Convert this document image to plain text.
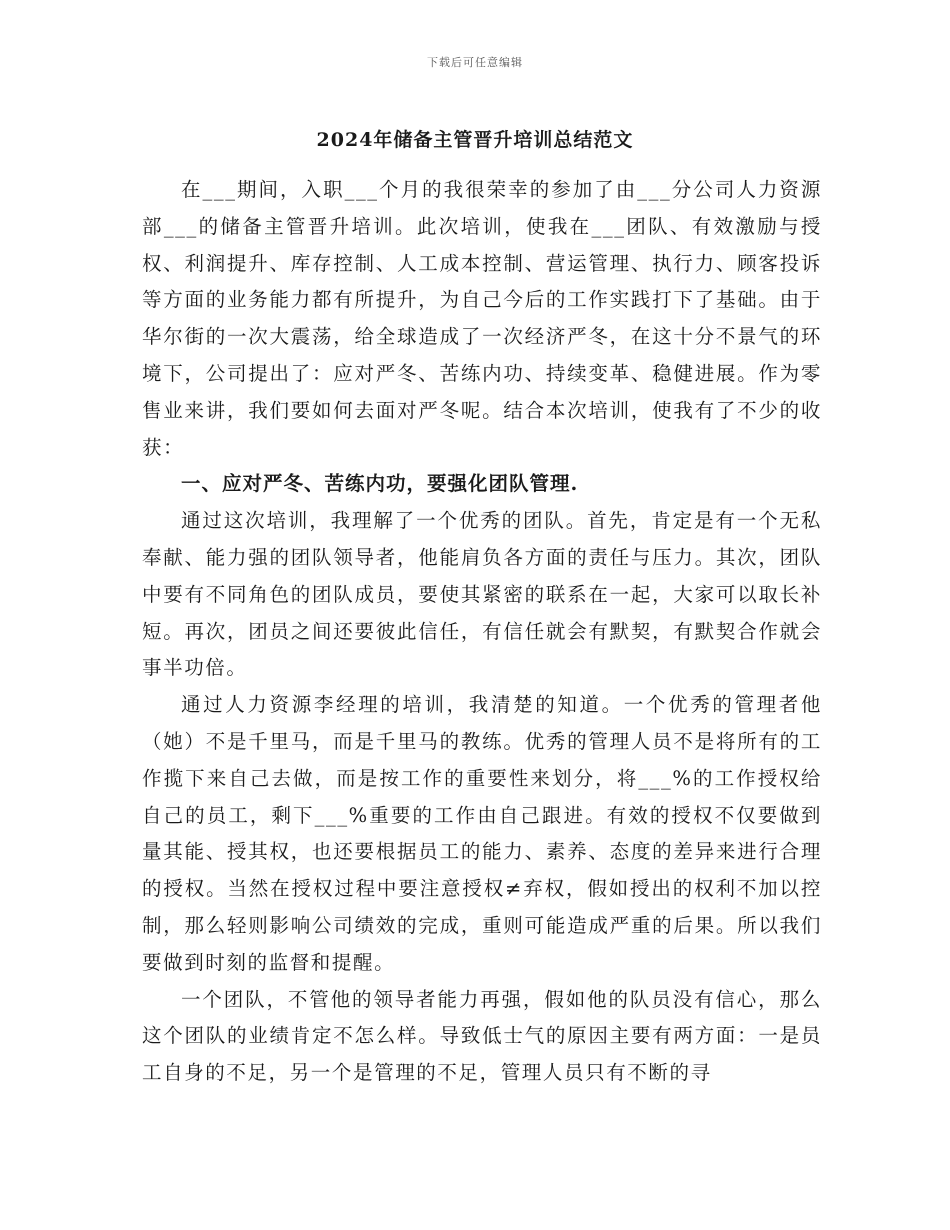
下载后可任意编辑
2024年储备主管晋升培训总结范文

在___期间，入职___个月的我很荣幸的参加了由___分公司人力资源部___的储备主管晋升培训。此次培训，使我在___团队、有效激励与授权、利润提升、库存控制、人工成本控制、营运管理、执行力、顾客投诉等方面的业务能力都有所提升，为自己今后的工作实践打下了基础。由于华尔街的一次大震荡，给全球造成了一次经济严冬，在这十分不景气的环境下，公司提出了：应对严冬、苦练内功、持续变革、稳健进展。作为零售业来讲，我们要如何去面对严冬呢。结合本次培训，使我有了不少的收获：

一、应对严冬、苦练内功，要强化团队管理.

通过这次培训，我理解了一个优秀的团队。首先，肯定是有一个无私奉献、能力强的团队领导者，他能肩负各方面的责任与压力。其次，团队中要有不同角色的团队成员，要使其紧密的联系在一起，大家可以取长补短。再次，团员之间还要彼此信任，有信任就会有默契，有默契合作就会事半功倍。

通过人力资源李经理的培训，我清楚的知道。一个优秀的管理者他（她）不是千里马，而是千里马的教练。优秀的管理人员不是将所有的工作揽下来自己去做，而是按工作的重要性来划分，将___%的工作授权给自己的员工，剩下___%重要的工作由自己跟进。有效的授权不仅要做到量其能、授其权，也还要根据员工的能力、素养、态度的差异来进行合理的授权。当然在授权过程中要注意授权≠弃权，假如授出的权利不加以控制，那么轻则影响公司绩效的完成，重则可能造成严重的后果。所以我们要做到时刻的监督和提醒。

一个团队，不管他的领导者能力再强，假如他的队员没有信心，那么这个团队的业绩肯定不怎么样。导致低士气的原因主要有两方面：一是员工自身的不足，另一个是管理的不足，管理人员只有不断的寻
